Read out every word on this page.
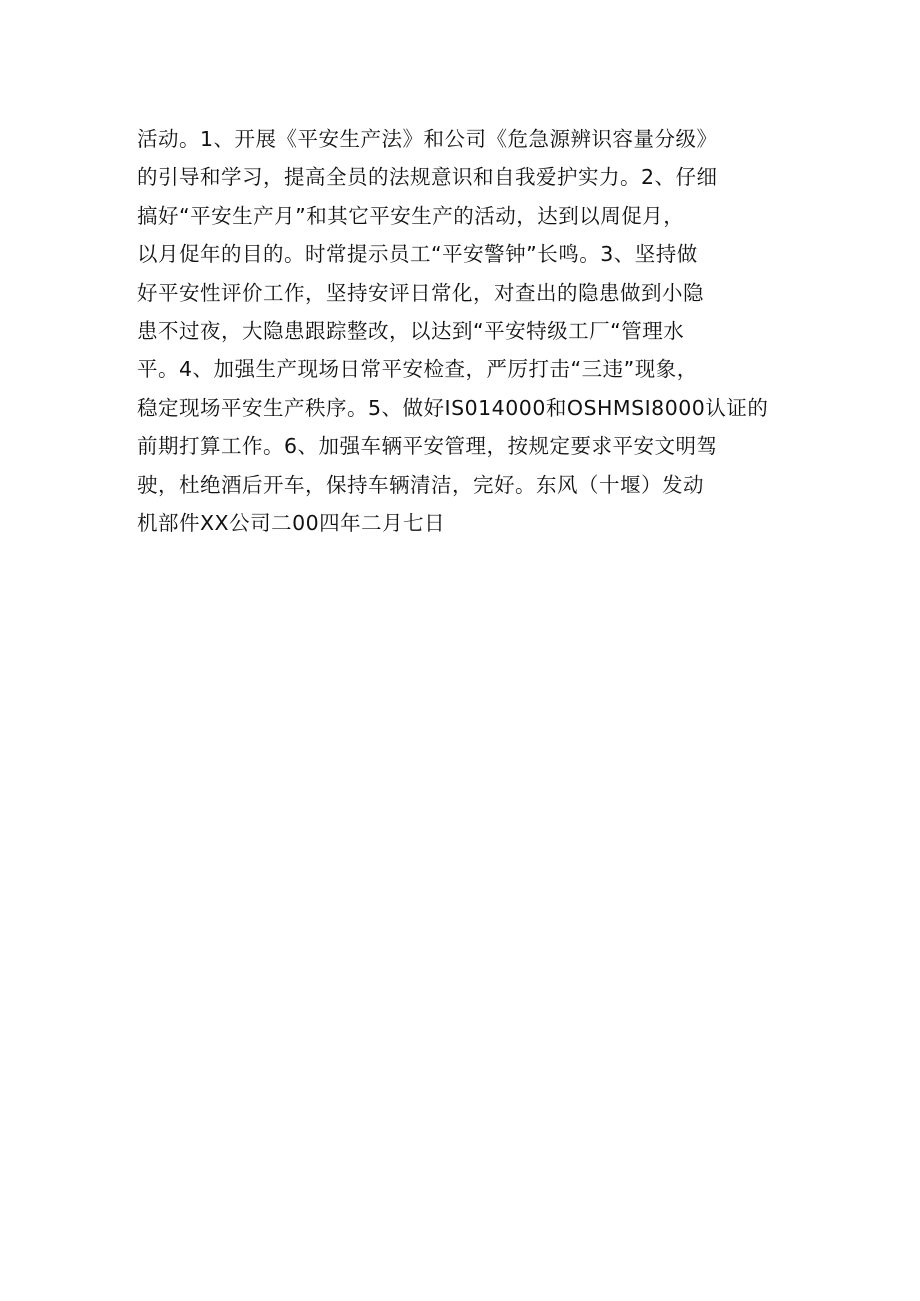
活动。1、开展《平安生产法》和公司《危急源辨识容量分级》
的引导和学习，提高全员的法规意识和自我爱护实力。2、仔细
搞好“平安生产月”和其它平安生产的活动，达到以周促月，
以月促年的目的。时常提示员工“平安警钟”长鸣。3、坚持做
好平安性评价工作，坚持安评日常化，对查出的隐患做到小隐
患不过夜，大隐患跟踪整改，以达到“平安特级工厂“管理水
平。4、加强生产现场日常平安检查，严厉打击“三违”现象，
稳定现场平安生产秩序。5、做好IS014000和OSHMSI8000认证的
前期打算工作。6、加强车辆平安管理，按规定要求平安文明驾
驶，杜绝酒后开车，保持车辆清洁，完好。东风（十堰）发动
机部件XX公司二00四年二月七日
